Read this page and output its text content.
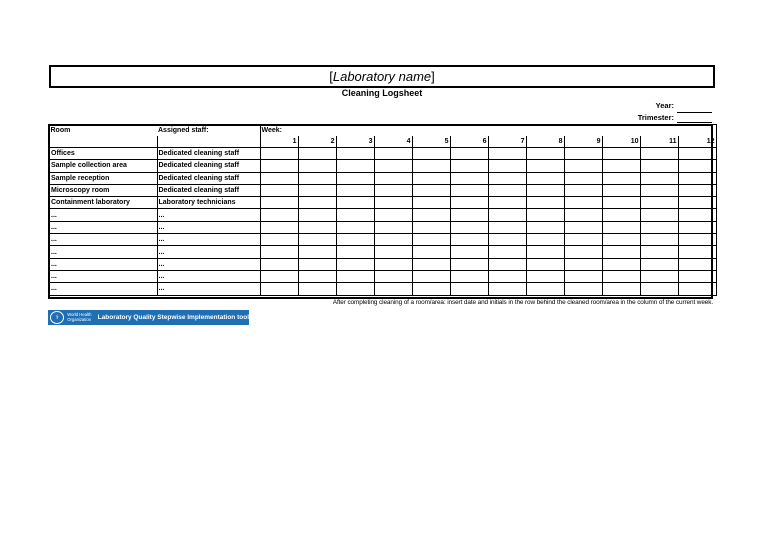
[Laboratory name]
Cleaning Logsheet
Year:
Trimester:
Room	Assigned staff:	Week:											
		1	2	3	4	5	6	7	8	9	10	11	12
Offices	Dedicated cleaning staff												
Sample collection area	Dedicated cleaning staff												
Sample reception	Dedicated cleaning staff												
Microscopy room	Dedicated cleaning staff												
Containment laboratory	Laboratory technicians												
...	...												
...	...												
...	...												
...	...												
...	...												
...	...												
...	...												
After completing cleaning of a room/area: insert date and initials in the row behind the cleaned room/area in the column of the current week.
⚕
World Health Organization	Laboratory Quality Stepwise Implementation tool
